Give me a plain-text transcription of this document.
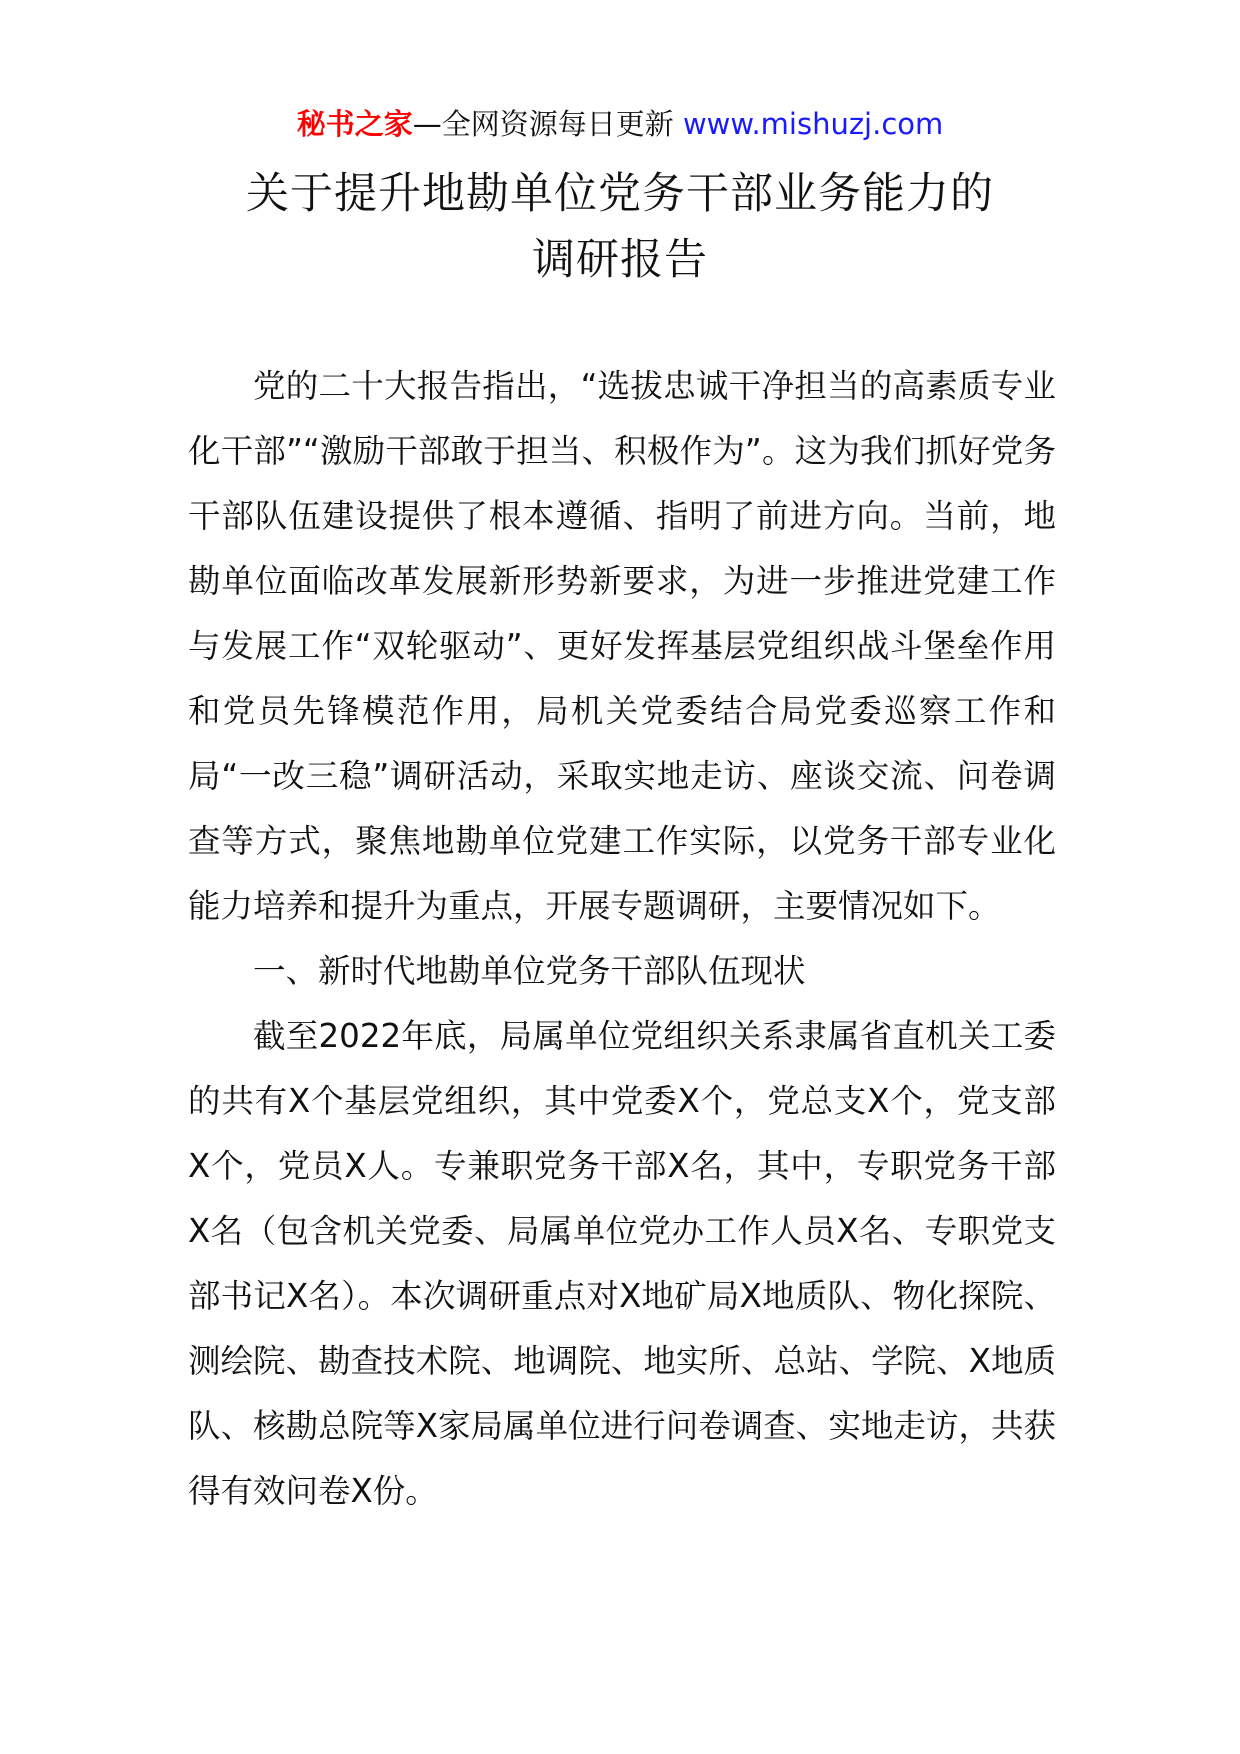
秘书之家—全网资源每日更新 www.mishuzj.com
关于提升地勘单位党务干部业务能力的
调研报告

党的二十大报告指出，“选拔忠诚干净担当的高素质专业化干部”“激励干部敢于担当、积极作为”。这为我们抓好党务干部队伍建设提供了根本遵循、指明了前进方向。当前，地勘单位面临改革发展新形势新要求，为进一步推进党建工作与发展工作“双轮驱动”、更好发挥基层党组织战斗堡垒作用和党员先锋模范作用，局机关党委结合局党委巡察工作和局“一改三稳”调研活动，采取实地走访、座谈交流、问卷调查等方式，聚焦地勘单位党建工作实际，以党务干部专业化能力培养和提升为重点，开展专题调研，主要情况如下。

一、新时代地勘单位党务干部队伍现状

截至2022年底，局属单位党组织关系隶属省直机关工委的共有X个基层党组织，其中党委X个，党总支X个，党支部X个，党员X人。专兼职党务干部X名，其中，专职党务干部X名（包含机关党委、局属单位党办工作人员X名、专职党支部书记X名）。本次调研重点对X地矿局X地质队、物化探院、测绘院、勘查技术院、地调院、地实所、总站、学院、X地质队、核勘总院等X家局属单位进行问卷调查、实地走访，共获得有效问卷X份。
